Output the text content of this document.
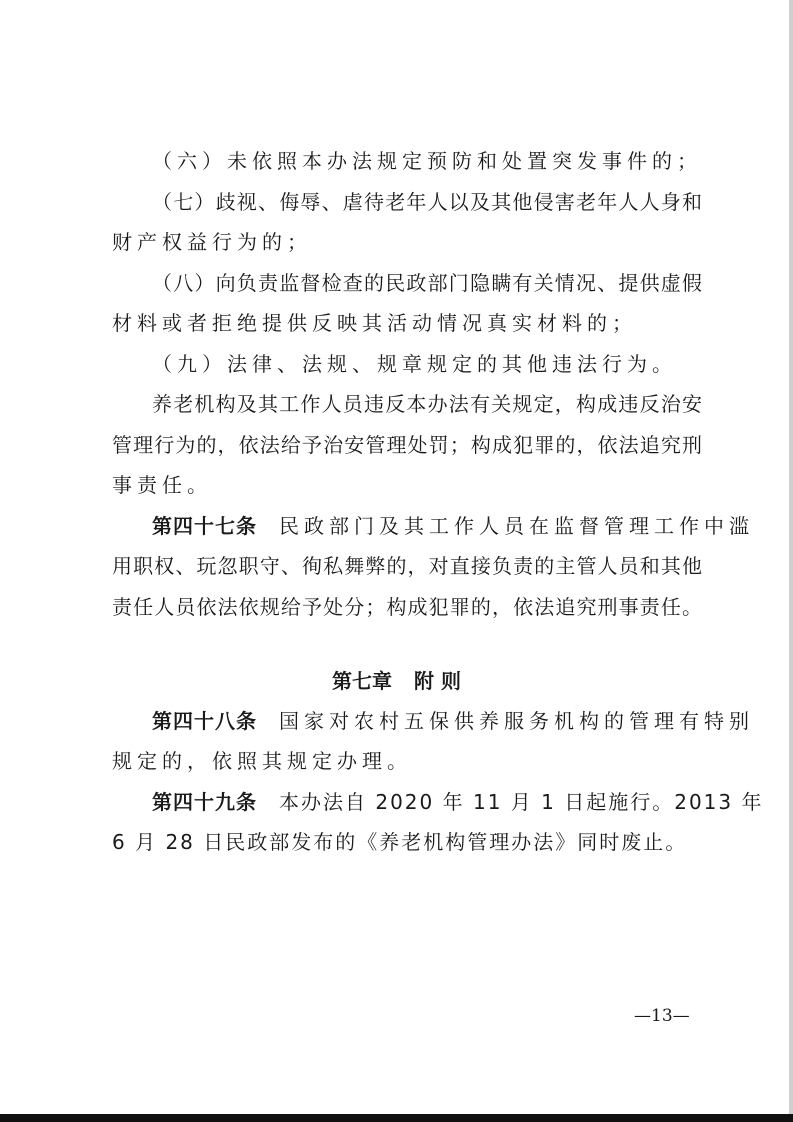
（六）未依照本办法规定预防和处置突发事件的；
（七）歧视、侮辱、虐待老年人以及其他侵害老年人人身和
财产权益行为的；
（八）向负责监督检查的民政部门隐瞒有关情况、提供虚假
材料或者拒绝提供反映其活动情况真实材料的；
（九）法律、法规、规章规定的其他违法行为。
养老机构及其工作人员违反本办法有关规定，构成违反治安
管理行为的，依法给予治安管理处罚；构成犯罪的，依法追究刑
事责任。
第四十七条 民政部门及其工作人员在监督管理工作中滥
用职权、玩忽职守、徇私舞弊的，对直接负责的主管人员和其他
责任人员依法依规给予处分；构成犯罪的，依法追究刑事责任。
第七章 附 则
第四十八条 国家对农村五保供养服务机构的管理有特别
规定的，依照其规定办理。
第四十九条 本办法自 2020 年 11 月 1 日起施行。2013 年
6 月 28 日民政部发布的《养老机构管理办法》同时废止。
—13—
